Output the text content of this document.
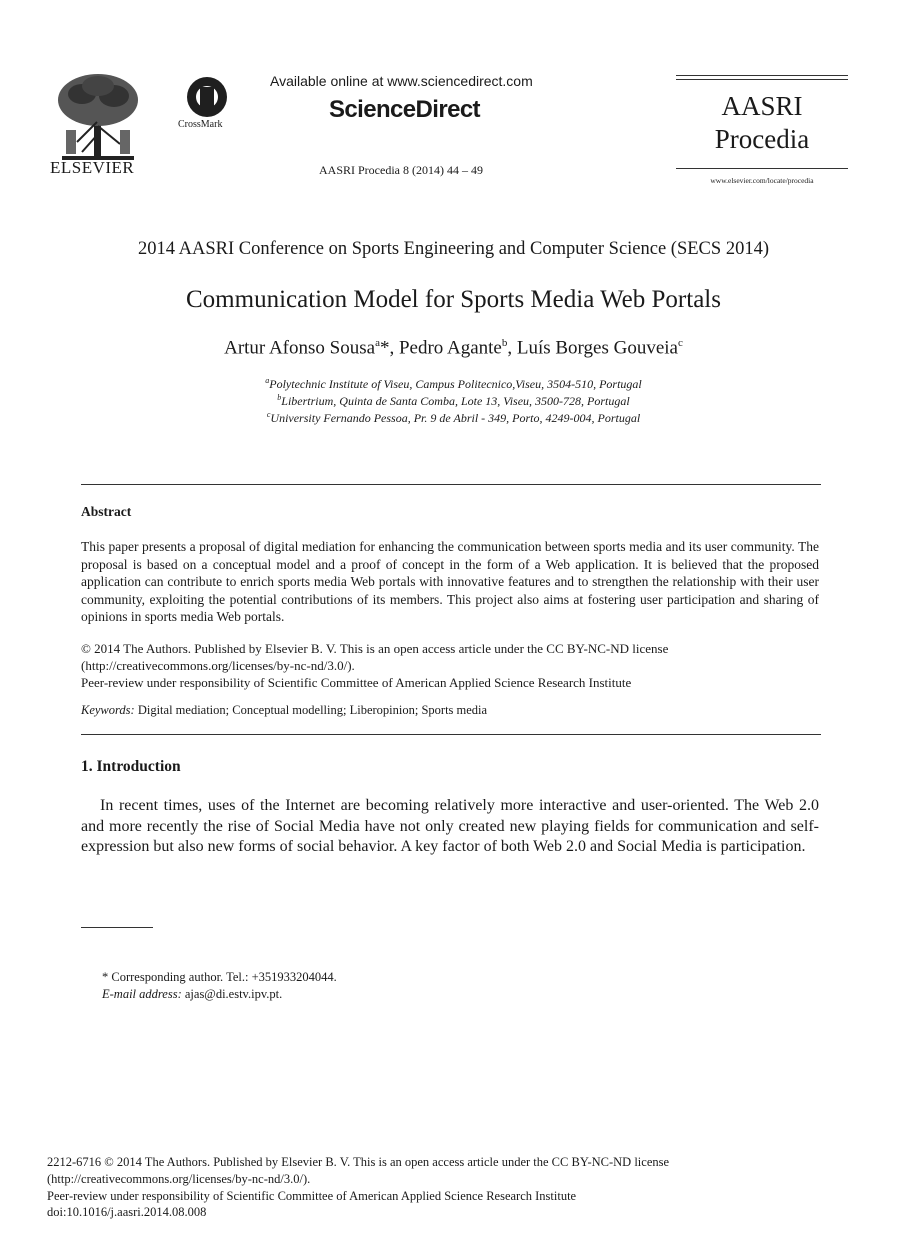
ELSEVIER
CrossMark
Available online at www.sciencedirect.com
ScienceDirect
AASRI Procedia 8 (2014) 44 – 49
AASRI
Procedia
www.elsevier.com/locate/procedia
2014 AASRI Conference on Sports Engineering and Computer Science (SECS 2014)
Communication Model for Sports Media Web Portals
Artur Afonso Sousa$^a$*, Pedro Agante$^b$, Luís Borges Gouveia$^c$
$^a$Polytechnic Institute of Viseu, Campus Politecnico,Viseu, 3504-510, Portugal
$^b$Libertrium, Quinta de Santa Comba, Lote 13, Viseu, 3500-728, Portugal
$^c$University Fernando Pessoa, Pr. 9 de Abril - 349, Porto, 4249-004, Portugal
Abstract
This paper presents a proposal of digital mediation for enhancing the communication between sports media and its user community. The proposal is based on a conceptual model and a proof of concept in the form of a Web application. It is believed that the proposed application can contribute to enrich sports media Web portals with innovative features and to strengthen the relationship with their user community, exploiting the potential contributions of its members. This project also aims at fostering user participation and sharing of opinions in sports media Web portals.
© 2014 The Authors. Published by Elsevier B. V. This is an open access article under the CC BY-NC-ND license
(http://creativecommons.org/licenses/by-nc-nd/3.0/).
Peer-review under responsibility of Scientific Committee of American Applied Science Research Institute
Keywords: Digital mediation; Conceptual modelling; Liberopinion; Sports media
1. Introduction
In recent times, uses of the Internet are becoming relatively more interactive and user-oriented. The Web 2.0 and more recently the rise of Social Media have not only created new playing fields for communication and self-expression but also new forms of social behavior. A key factor of both Web 2.0 and Social Media is participation.
* Corresponding author. Tel.: +351933204044.
E-mail address: ajas@di.estv.ipv.pt.
2212-6716 © 2014 The Authors. Published by Elsevier B. V. This is an open access article under the CC BY-NC-ND license
(http://creativecommons.org/licenses/by-nc-nd/3.0/).
Peer-review under responsibility of Scientific Committee of American Applied Science Research Institute
doi:10.1016/j.aasri.2014.08.008
